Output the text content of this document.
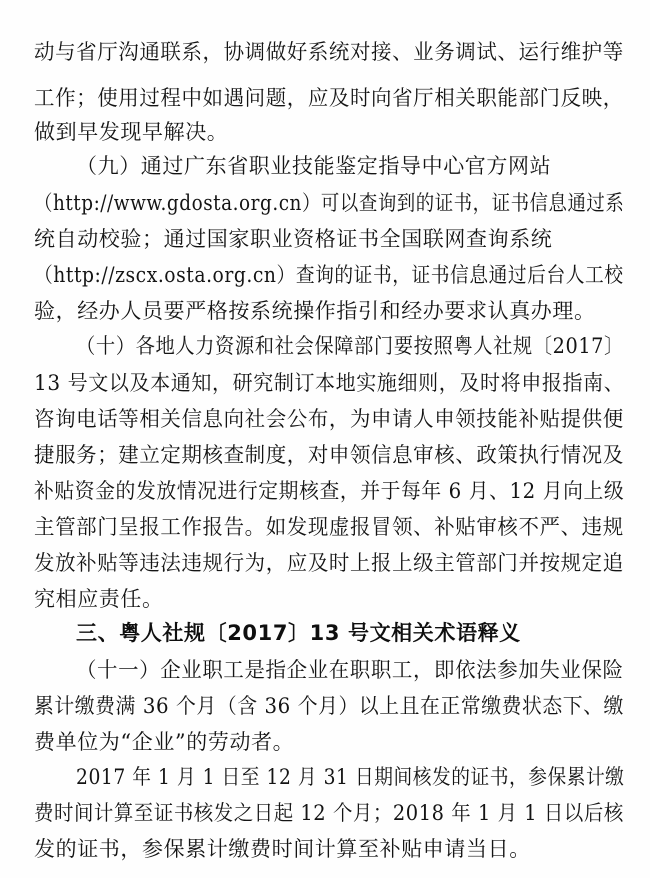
动与省厅沟通联系，协调做好系统对接、业务调试、运行维护等
工作；使用过程中如遇问题，应及时向省厅相关职能部门反映，
做到早发现早解决。
（九）通过广东省职业技能鉴定指导中心官方网站
（http://www.gdosta.org.cn）可以查询到的证书，证书信息通过系
统自动校验；通过国家职业资格证书全国联网查询系统
（http://zscx.osta.org.cn）查询的证书，证书信息通过后台人工校
验，经办人员要严格按系统操作指引和经办要求认真办理。
（十）各地人力资源和社会保障部门要按照粤人社规〔2017〕
13 号文以及本通知，研究制订本地实施细则，及时将申报指南、
咨询电话等相关信息向社会公布，为申请人申领技能补贴提供便
捷服务；建立定期核查制度，对申领信息审核、政策执行情况及
补贴资金的发放情况进行定期核查，并于每年 6 月、12 月向上级
主管部门呈报工作报告。如发现虚报冒领、补贴审核不严、违规
发放补贴等违法违规行为，应及时上报上级主管部门并按规定追
究相应责任。
三、粤人社规〔2017〕13 号文相关术语释义
（十一）企业职工是指企业在职职工，即依法参加失业保险
累计缴费满 36 个月（含 36 个月）以上且在正常缴费状态下、缴
费单位为“企业”的劳动者。
2017 年 1 月 1 日至 12 月 31 日期间核发的证书，参保累计缴
费时间计算至证书核发之日起 12 个月；2018 年 1 月 1 日以后核
发的证书，参保累计缴费时间计算至补贴申请当日。
